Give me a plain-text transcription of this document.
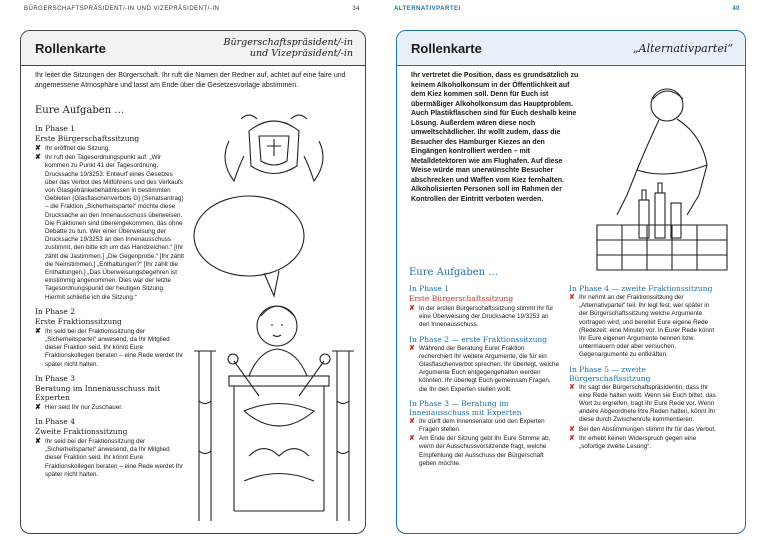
BÜRGERSCHAFTSPRÄSIDENT/-IN UND VIZEPRÄSIDENT/-IN	34
Rollenkarte	Bürgerschaftspräsident/-in
und Vizepräsident/-in
Ihr leitet die Sitzungen der Bürgerschaft. Ihr ruft die Namen der Redner auf, achtet auf eine faire und angemessene Atmosphäre und lasst am Ende über die Gesetzesvorlage abstimmen.
Eure Aufgaben …
In Phase 1
Erste Bürgerschaftssitzung
✘ Ihr eröffnet die Sitzung.
✘ Ihr ruft den Tagesordnungspunkt auf: „Wir kommen zu Punkt 41 der Tagesordnung, Drucksache 19/3253: Entwurf eines Gesetzes über das Verbot des Mitführens und des Verkaufs von Glasgetränkebehältnissen in bestimmten Gebieten (Glasflaschenverbots G) (Senatsantrag) – die Fraktion „Sicherheitspartei“ möchte diese Drucksache an den Innenausschuss überweisen. Die Fraktionen sind übereingekommen, das ohne Debatte zu tun. Wer einer Überweisung der Drucksache 19/3253 an den Innenausschuss zustimmt, den bitte ich um das Handzeichen.“ [Ihr zählt die Jastimmen.] „Die Gegenprobe.“ [Ihr zählt die Neinstimmen.] „Enthaltungen?“ [Ihr zählt die Enthaltungen.] „Das Überweisungsbegehren ist einstimmig angenommen. Dies war der letzte Tagesordnungspunkt der heutigen Sitzung. Hiermit schließe ich die Sitzung.“
In Phase 2
Erste Fraktionssitzung
✘ Ihr seid bei der Fraktionssitzung der „Sicherheitspartei“ anwesend, da Ihr Mitglied dieser Fraktion seid. Ihr könnt Eure Fraktionskollegen beraten – eine Rede werdet Ihr später nicht halten.
In Phase 3
Beratung im Innenausschuss mit Experten
✘ Hier seid Ihr nur Zuschauer.
In Phase 4
Zweite Fraktionssitzung
✘ Ihr seid bei der Fraktionssitzung der „Sicherheitspartei“ anwesend, da Ihr Mitglied dieser Fraktion seid. Ihr könnt Eure Fraktionskollegen beraten – eine Rede werdet Ihr später nicht halten.
ALTERNATIVPARTEI	40
Rollenkarte	„Alternativpartei“
Ihr vertretet die Position, dass es grundsätzlich zu keinem Alkoholkonsum in der Öffentlichkeit auf dem Kiez kommen soll. Denn für Euch ist übermäßiger Alkoholkonsum das Hauptproblem. Auch Plastikflaschen sind für Euch deshalb keine Lösung. Außerdem wären diese noch umweltschädlicher. Ihr wollt zudem, dass die Besucher des Hamburger Kiezes an den Eingängen kontrolliert werden – mit Metalldetektoren wie am Flughafen. Auf diese Weise würde man unerwünschte Besucher abschrecken und Waffen vom Kiez fernhalten. Alkoholisierten Personen soll im Rahmen der Kontrollen der Eintritt verboten werden.
Eure Aufgaben …
In Phase 1
Erste Bürgerschaftssitzung
✘ In der ersten Bürgerschaftssitzung stimmt Ihr für eine Überweisung der Drucksache 19/3253 an den Innenausschuss.
In Phase 2 — erste Fraktionssitzung
✘ Während der Beratung Eurer Fraktion recherchiert Ihr weitere Argumente, die für ein Glasflaschenverbot sprechen. Ihr überlegt, welche Argumente Euch entgegengehalten werden könnten. Ihr überlegt Euch gemeinsam Fragen, die Ihr den Experten stellen wollt.
In Phase 3 — Beratung im Innenausschuss mit Experten
✘ Ihr dürft dem Innensenator und den Experten Fragen stellen.
✘ Am Ende der Sitzung gebt Ihr Eure Stimme ab, wenn der Ausschussvorsitzende fragt, welche Empfehlung der Ausschuss der Bürgerschaft geben möchte.
In Phase 4 — zweite Fraktionssitzung
✘ Ihr nehmt an der Fraktionssitzung der „Alternativpartei“ teil. Ihr legt fest, wer später in der Bürgerschaftssitzung welche Argumente vortragen wird, und bereitet Eure eigene Rede (Redezeit: eine Minute) vor. In Eurer Rede könnt Ihr Eure eigenen Argumente nennen bzw. untermauern oder aber versuchen, Gegenargumente zu entkräften.
In Phase 5 — zweite Bürgerschaftssitzung
✘ Ihr sagt der Bürgerschaftspräsidentin, dass Ihr eine Rede halten wollt. Wenn sie Euch bittet, das Wort zu ergreifen, tragt Ihr Eure Rede vor. Wenn andere Abgeordnete ihre Reden halten, könnt Ihr diese durch Zwischenrufe kommentieren.
✘ Bei den Abstimmungen stimmt Ihr für das Verbot.
✘ Ihr erhebt keinen Widerspruch gegen eine „sofortige zweite Lesung“.
